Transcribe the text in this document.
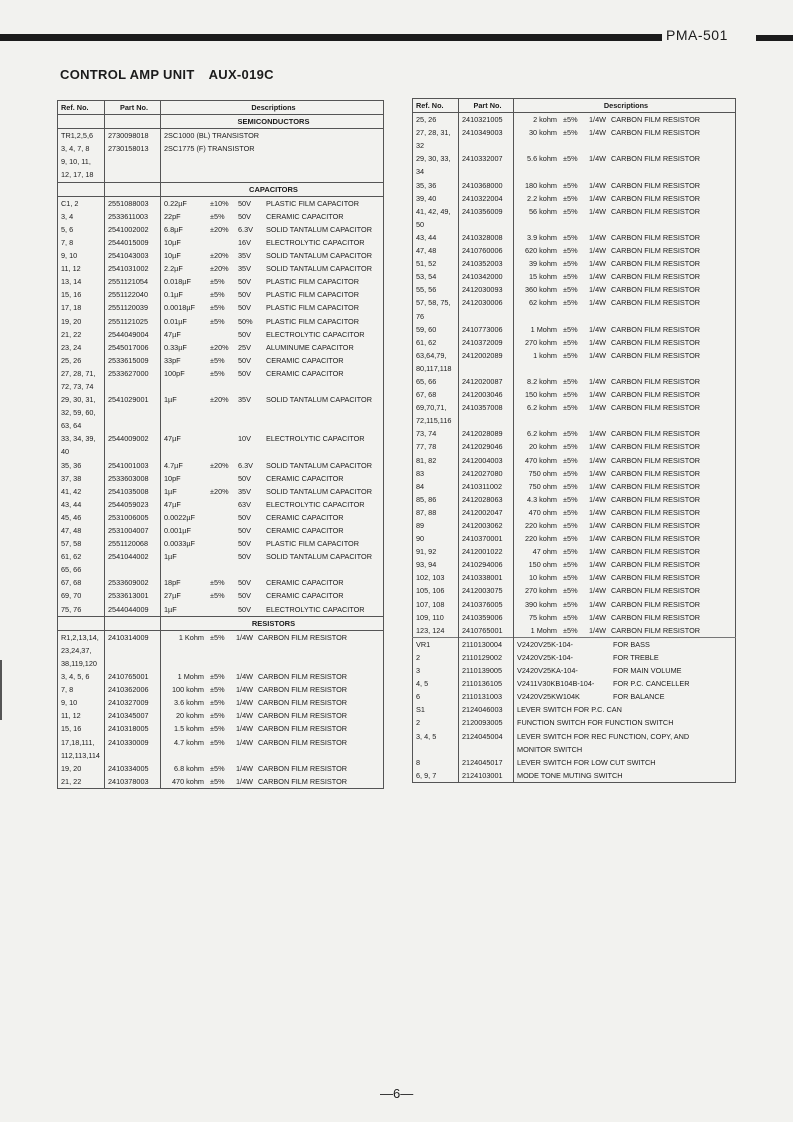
PMA-501
CONTROL AMP UNIT AUX-019C
Ref. No.	Part No.	Descriptions
		SEMICONDUCTORS
TR1,2,5,6	2730098018	2SC1000 (BL) TRANSISTOR
3, 4, 7, 8	2730158013	2SC1775 (F) TRANSISTOR
9, 10, 11,		
12, 17, 18		
		CAPACITORS
C1, 2	2551088003	0.22µF ±10% 50V PLASTIC FILM CAPACITOR
3, 4	2533611003	22pF ±5% 50V CERAMIC CAPACITOR
5, 6	2541002002	6.8µF ±20% 6.3V SOLID TANTALUM CAPACITOR
7, 8	2544015009	10µF 16V ELECTROLYTIC CAPACITOR
9, 10	2541043003	10µF ±20% 35V SOLID TANTALUM CAPACITOR
11, 12	2541031002	2.2µF ±20% 35V SOLID TANTALUM CAPACITOR
13, 14	2551121054	0.018µF ±5% 50V PLASTIC FILM CAPACITOR
15, 16	2551122040	0.1µF ±5% 50V PLASTIC FILM CAPACITOR
17, 18	2551120039	0.0018µF ±5% 50V PLASTIC FILM CAPACITOR
19, 20	2551121025	0.01µF ±5% 50% PLASTIC FILM CAPACITOR
21, 22	2544049004	47µF 50V ELECTROLYTIC CAPACITOR
23, 24	2545017006	0.33µF ±20% 25V ALUMINUME CAPACITOR
25, 26	2533615009	33pF ±5% 50V CERAMIC CAPACITOR
27, 28, 71,	2533627000	100pF ±5% 50V CERAMIC CAPACITOR
72, 73, 74		
29, 30, 31,	2541029001	1µF ±20% 35V SOLID TANTALUM CAPACITOR
32, 59, 60,		
63, 64		
33, 34, 39,	2544009002	47µF 10V ELECTROLYTIC CAPACITOR
40		
35, 36	2541001003	4.7µF ±20% 6.3V SOLID TANTALUM CAPACITOR
37, 38	2533603008	10pF 50V CERAMIC CAPACITOR
41, 42	2541035008	1µF ±20% 35V SOLID TANTALUM CAPACITOR
43, 44	2544059023	47µF 63V ELECTROLYTIC CAPACITOR
45, 46	2531006005	0.0022µF 50V CERAMIC CAPACITOR
47, 48	2531004007	0.001µF 50V CERAMIC CAPACITOR
57, 58	2551120068	0.0033µF 50V PLASTIC FILM CAPACITOR
61, 62	2541044002	1µF 50V SOLID TANTALUM CAPACITOR
65, 66		
67, 68	2533609002	18pF ±5% 50V CERAMIC CAPACITOR
69, 70	2533613001	27µF ±5% 50V CERAMIC CAPACITOR
75, 76	2544044009	1µF 50V ELECTROLYTIC CAPACITOR
		RESISTORS
R1,2,13,14,	2410314009	1 Kohm ±5% 1/4W CARBON FILM RESISTOR
23,24,37,		
38,119,120		
3, 4, 5, 6	2410765001	1 Mohm ±5% 1/4W CARBON FILM RESISTOR
7, 8	2410362006	100 kohm ±5% 1/4W CARBON FILM RESISTOR
9, 10	2410327009	3.6 kohm ±5% 1/4W CARBON FILM RESISTOR
11, 12	2410345007	20 kohm ±5% 1/4W CARBON FILM RESISTOR
15, 16	2410318005	1.5 kohm ±5% 1/4W CARBON FILM RESISTOR
17,18,111,	2410330009	4.7 kohm ±5% 1/4W CARBON FILM RESISTOR
112,113,114		
19, 20	2410334005	6.8 kohm ±5% 1/4W CARBON FILM RESISTOR
21, 22	2410378003	470 kohm ±5% 1/4W CARBON FILM RESISTOR
Ref. No.	Part No.	Descriptions
25, 26	2410321005	2 kohm ±5% 1/4W CARBON FILM RESISTOR
27, 28, 31,	2410349003	30 kohm ±5% 1/4W CARBON FILM RESISTOR
32		
29, 30, 33,	2410332007	5.6 kohm ±5% 1/4W CARBON FILM RESISTOR
34		
35, 36	2410368000	180 kohm ±5% 1/4W CARBON FILM RESISTOR
39, 40	2410322004	2.2 kohm ±5% 1/4W CARBON FILM RESISTOR
41, 42, 49,	2410356009	56 kohm ±5% 1/4W CARBON FILM RESISTOR
50		
43, 44	2410328008	3.9 kohm ±5% 1/4W CARBON FILM RESISTOR
47, 48	2410760006	620 kohm ±5% 1/4W CARBON FILM RESISTOR
51, 52	2410352003	39 kohm ±5% 1/4W CARBON FILM RESISTOR
53, 54	2410342000	15 kohm ±5% 1/4W CARBON FILM RESISTOR
55, 56	2412030093	360 kohm ±5% 1/4W CARBON FILM RESISTOR
57, 58, 75,	2412030006	62 kohm ±5% 1/4W CARBON FILM RESISTOR
76		
59, 60	2410773006	1 Mohm ±5% 1/4W CARBON FILM RESISTOR
61, 62	2410372009	270 kohm ±5% 1/4W CARBON FILM RESISTOR
63,64,79,	2412002089	1 kohm ±5% 1/4W CARBON FILM RESISTOR
80,117,118		
65, 66	2412020087	8.2 kohm ±5% 1/4W CARBON FILM RESISTOR
67, 68	2412003046	150 kohm ±5% 1/4W CARBON FILM RESISTOR
69,70,71,	2410357008	6.2 kohm ±5% 1/4W CARBON FILM RESISTOR
72,115,116		
73, 74	2412028089	6.2 kohm ±5% 1/4W CARBON FILM RESISTOR
77, 78	2412029046	20 kohm ±5% 1/4W CARBON FILM RESISTOR
81, 82	2412004003	470 kohm ±5% 1/4W CARBON FILM RESISTOR
83	2412027080	750 ohm ±5% 1/4W CARBON FILM RESISTOR
84	2410311002	750 ohm ±5% 1/4W CARBON FILM RESISTOR
85, 86	2412028063	4.3 kohm ±5% 1/4W CARBON FILM RESISTOR
87, 88	2412002047	470 ohm ±5% 1/4W CARBON FILM RESISTOR
89	2412003062	220 kohm ±5% 1/4W CARBON FILM RESISTOR
90	2410370001	220 kohm ±5% 1/4W CARBON FILM RESISTOR
91, 92	2412001022	47 ohm ±5% 1/4W CARBON FILM RESISTOR
93, 94	2410294006	150 ohm ±5% 1/4W CARBON FILM RESISTOR
102, 103	2410338001	10 kohm ±5% 1/4W CARBON FILM RESISTOR
105, 106	2412003075	270 kohm ±5% 1/4W CARBON FILM RESISTOR
107, 108	2410376005	390 kohm ±5% 1/4W CARBON FILM RESISTOR
109, 110	2410359006	75 kohm ±5% 1/4W CARBON FILM RESISTOR
123, 124	2410765001	1 Mohm ±5% 1/4W CARBON FILM RESISTOR
VR1	2110130004	V2420V25K-104- FOR BASS
2	2110129002	V2420V25K-104- FOR TREBLE
3	2110139005	V2420V25KA-104- FOR MAIN VOLUME
4, 5	2110136105	V2411V30KB104B-104- FOR P.C. CANCELLER
6	2110131003	V2420V25KW104K FOR BALANCE
S1	2124046003	LEVER SWITCH FOR P.C. CAN
2	2120093005	FUNCTION SWITCH FOR FUNCTION SWITCH
3, 4, 5	2124045004	LEVER SWITCH FOR REC FUNCTION, COPY, AND
		MONITOR SWITCH
8	2124045017	LEVER SWITCH FOR LOW CUT SWITCH
6, 9, 7	2124103001	MODE TONE MUTING SWITCH
—6—
